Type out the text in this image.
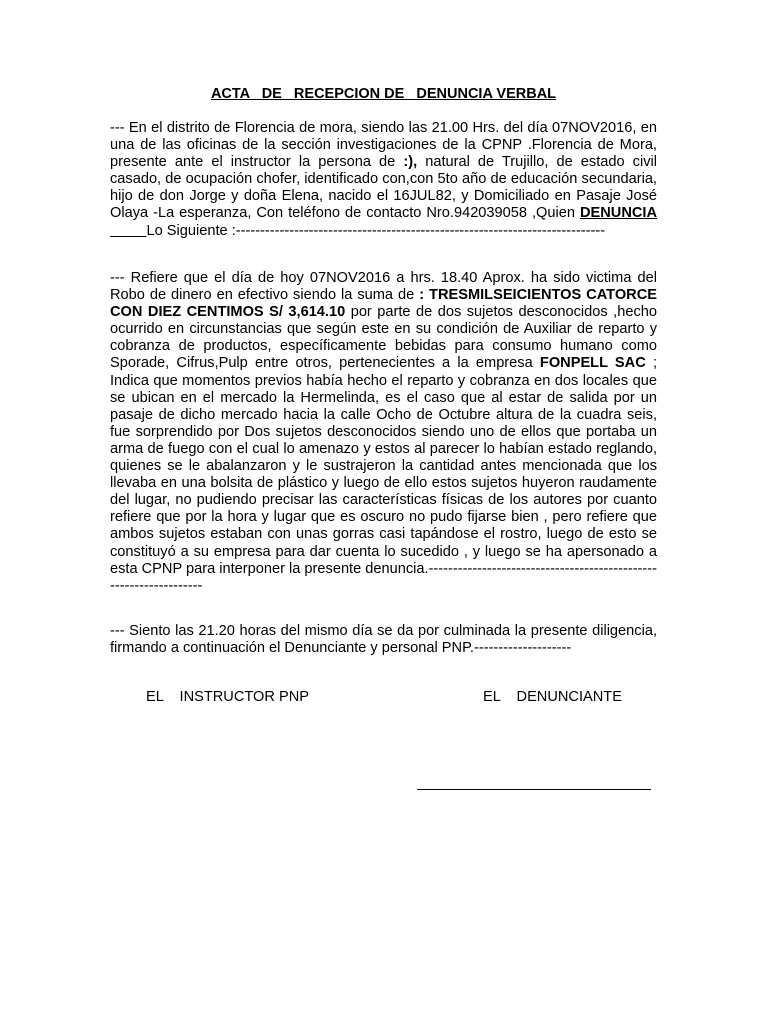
ACTA   DE   RECEPCION DE   DENUNCIA VERBAL
--- En el distrito de Florencia de mora, siendo las 21.00 Hrs. del día 07NOV2016, en una de las oficinas de la sección investigaciones de la CPNP .Florencia de Mora, presente ante el instructor la persona de :), natural de Trujillo, de estado civil casado, de ocupación chofer, identificado con,con 5to año de educación secundaria, hijo de don Jorge y doña Elena, nacido el 16JUL82, y Domiciliado en Pasaje José Olaya -La esperanza, Con teléfono de contacto Nro.942039058 ,Quien DENUNCIA         Lo Siguiente :----------------------------------------------------------------------------
--- Refiere que el día de hoy 07NOV2016 a hrs. 18.40 Aprox. ha sido victima del Robo de dinero en efectivo siendo la suma de : TRESMILSEICIENTOS CATORCE CON DIEZ CENTIMOS S/ 3,614.10 por parte de dos sujetos desconocidos ,hecho ocurrido en circunstancias que según este en su condición de Auxiliar de reparto y cobranza de productos, específicamente bebidas para consumo humano como Sporade, Cifrus,Pulp entre otros, pertenecientes a la empresa FONPELL SAC ; Indica que momentos previos había hecho el reparto y cobranza en dos locales que se ubican en el mercado la Hermelinda, es el caso que al estar de salida por un pasaje de dicho mercado hacia la calle Ocho de Octubre altura de la cuadra seis, fue sorprendido por Dos sujetos desconocidos siendo uno de ellos que portaba un arma de fuego con el cual lo amenazo y estos al parecer lo habían estado reglando, quienes se le abalanzaron y le sustrajeron la cantidad antes mencionada que los llevaba en una bolsita de plástico y luego de ello estos sujetos huyeron raudamente del lugar, no pudiendo precisar las características físicas de los autores por cuanto refiere que por la hora y lugar que es oscuro no pudo fijarse bien , pero refiere que ambos sujetos estaban con unas gorras casi tapándose el rostro, luego de esto se constituyó a su empresa para dar cuenta lo sucedido , y luego se ha apersonado a esta CPNP para interponer la presente denuncia.------------------------------------------------------------------
--- Siento las 21.20 horas del mismo día se da por culminada la presente diligencia, firmando a continuación el Denunciante y personal PNP.--------------------
EL    INSTRUCTOR PNP	EL    DENUNCIANTE
